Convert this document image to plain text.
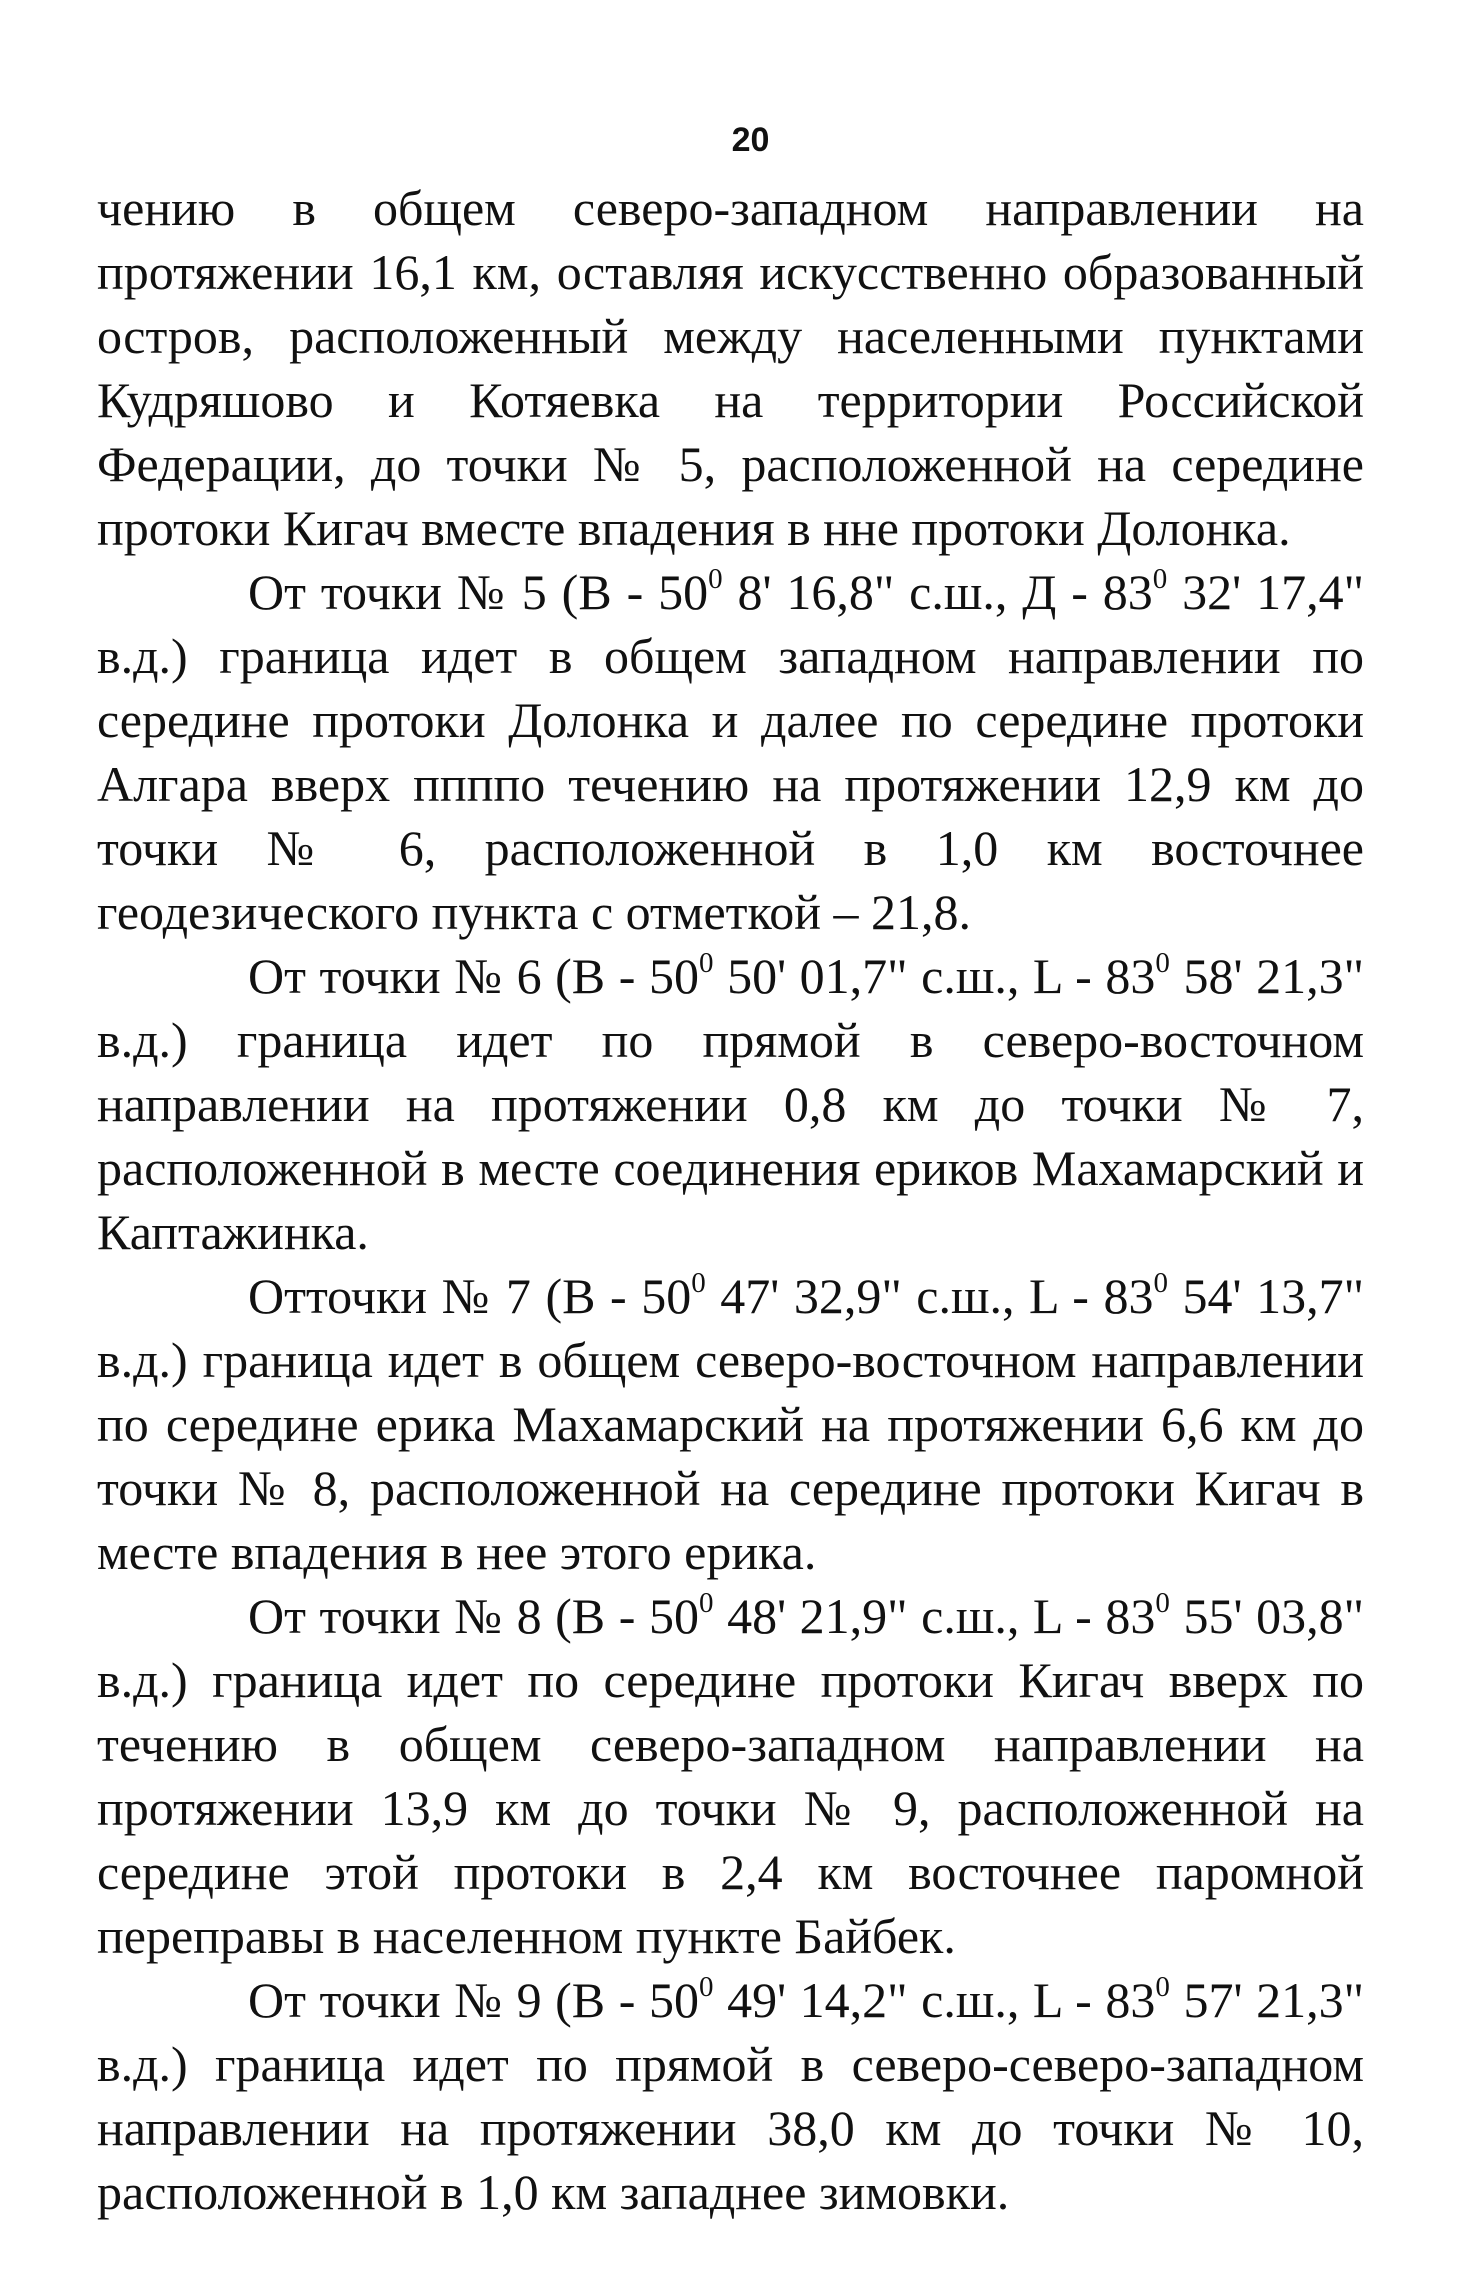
20

чению в общем северо-западном направлении на протяжении 16,1 км, оставляя искусственно образованный остров, расположенный между населенными пунктами Кудряшово и Котяевка на территории Российской Федерации, до точки № 5, расположенной на середине протоки Кигач вместе впадения в нне протоки Долонка.

От точки № 5 ($В - 50^0$ 8' 16,8" с.ш., Д - $83^0$ 32' 17,4" в.д.) граница идет в общем западном направлении по середине протоки Долонка и далее по середине протоки Алгара вверх ппппо течению на протяжении 12,9 км до точки № 6, расположенной в 1,0 км восточнее геодезического пункта с отметкой – 21,8.

От точки № 6 ($В - 50^0$ 50' 01,7" с.ш., L - $83^0$ 58' 21,3" в.д.) граница идет по прямой в северо-восточном направлении на протяжении 0,8 км до точки № 7, расположенной в месте соединения ериков Махамарский и Каптажинка.

Отточки № 7 ($В - 50^0$ 47' 32,9" с.ш., L - $83^0$ 54' 13,7" в.д.) граница идет в общем северо-восточном направлении по середине ерика Махамарский на протяжении 6,6 км до точки № 8, расположенной на середине протоки Кигач в месте впадения в нее этого ерика.

От точки № 8 ($В - 50^0$ 48' 21,9" с.ш., L - $83^0$ 55' 03,8" в.д.) граница идет по середине протоки Кигач вверх по течению в общем северо-западном направлении на протяжении 13,9 км до точки № 9, расположенной на середине этой протоки в 2,4 км восточнее паромной переправы в населенном пункте Байбек.

От точки № 9 ($В - 50^0$ 49' 14,2" с.ш., L - $83^0$ 57' 21,3" в.д.) граница идет по прямой в северо-северо-западном направлении на протяжении 38,0 км до точки № 10, расположенной в 1,0 км западнее зимовки.
